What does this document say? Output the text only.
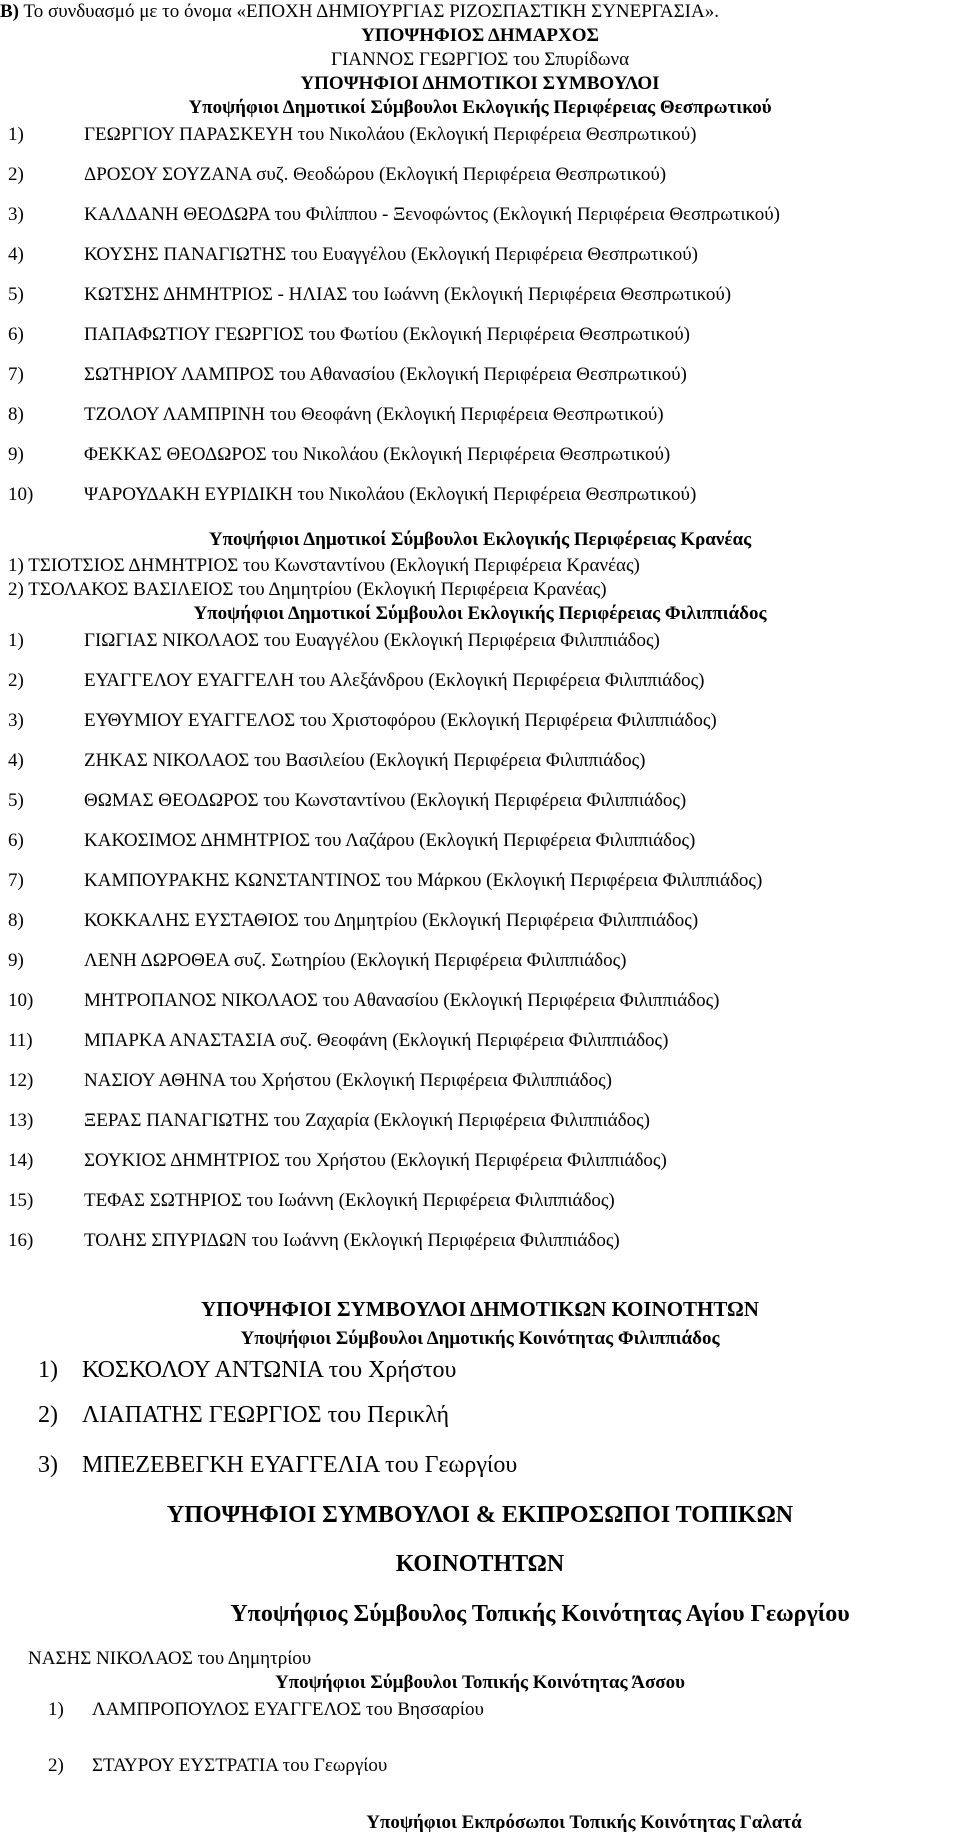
Β) Το συνδυασμό με το όνομα «ΕΠΟΧΗ ΔΗΜΙΟΥΡΓΙΑΣ ΡΙΖΟΣΠΑΣΤΙΚΗ ΣΥΝΕΡΓΑΣΙΑ».
ΥΠΟΨΗΦΙΟΣ ΔΗΜΑΡΧΟΣ
ΓΙΑΝΝΟΣ ΓΕΩΡΓΙΟΣ του Σπυρίδωνα
ΥΠΟΨΗΦΙΟΙ ΔΗΜΟΤΙΚΟΙ ΣΥΜΒΟΥΛΟΙ
Υποψήφιοι Δημοτικοί Σύμβουλοι Εκλογικής Περιφέρειας Θεσπρωτικού
1)	ΓΕΩΡΓΙΟΥ ΠΑΡΑΣΚΕΥΗ του Νικολάου (Εκλογική Περιφέρεια Θεσπρωτικού)
2)	ΔΡΟΣΟΥ ΣΟΥΖΑΝΑ συζ. Θεοδώρου (Εκλογική Περιφέρεια Θεσπρωτικού)
3)	ΚΑΛΔΑΝΗ ΘΕΟΔΩΡΑ του Φιλίππου - Ξενοφώντος (Εκλογική Περιφέρεια Θεσπρωτικού)
4)	ΚΟΥΣΗΣ ΠΑΝΑΓΙΩΤΗΣ του Ευαγγέλου (Εκλογική Περιφέρεια Θεσπρωτικού)
5)	ΚΩΤΣΗΣ ΔΗΜΗΤΡΙΟΣ - ΗΛΙΑΣ του Ιωάννη (Εκλογική Περιφέρεια Θεσπρωτικού)
6)	ΠΑΠΑΦΩΤΙΟΥ ΓΕΩΡΓΙΟΣ του Φωτίου (Εκλογική Περιφέρεια Θεσπρωτικού)
7)	ΣΩΤΗΡΙΟΥ ΛΑΜΠΡΟΣ του Αθανασίου (Εκλογική Περιφέρεια Θεσπρωτικού)
8)	ΤΖΟΛΟΥ ΛΑΜΠΡΙΝΗ του Θεοφάνη (Εκλογική Περιφέρεια Θεσπρωτικού)
9)	ΦΕΚΚΑΣ ΘΕΟΔΩΡΟΣ του Νικολάου (Εκλογική Περιφέρεια Θεσπρωτικού)
10)	ΨΑΡΟΥΔΑΚΗ ΕΥΡΙΔΙΚΗ του Νικολάου (Εκλογική Περιφέρεια Θεσπρωτικού)
Υποψήφιοι Δημοτικοί Σύμβουλοι Εκλογικής Περιφέρειας Κρανέας
1) ΤΣΙΟΤΣΙΟΣ ΔΗΜΗΤΡΙΟΣ του Κωνσταντίνου (Εκλογική Περιφέρεια Κρανέας)
2) ΤΣΟΛΑΚΟΣ ΒΑΣΙΛΕΙΟΣ του Δημητρίου (Εκλογική Περιφέρεια Κρανέας)
Υποψήφιοι Δημοτικοί Σύμβουλοι Εκλογικής Περιφέρειας Φιλιππιάδος
1)	ΓΙΩΓΙΑΣ ΝΙΚΟΛΑΟΣ του Ευαγγέλου (Εκλογική Περιφέρεια Φιλιππιάδος)
2)	ΕΥΑΓΓΕΛΟΥ ΕΥΑΓΓΕΛΗ του Αλεξάνδρου (Εκλογική Περιφέρεια Φιλιππιάδος)
3)	ΕΥΘΥΜΙΟΥ ΕΥΑΓΓΕΛΟΣ του Χριστοφόρου (Εκλογική Περιφέρεια Φιλιππιάδος)
4)	ΖΗΚΑΣ ΝΙΚΟΛΑΟΣ του Βασιλείου (Εκλογική Περιφέρεια Φιλιππιάδος)
5)	ΘΩΜΑΣ ΘΕΟΔΩΡΟΣ του Κωνσταντίνου (Εκλογική Περιφέρεια Φιλιππιάδος)
6)	ΚΑΚΟΣΙΜΟΣ ΔΗΜΗΤΡΙΟΣ του Λαζάρου (Εκλογική Περιφέρεια Φιλιππιάδος)
7)	ΚΑΜΠΟΥΡΑΚΗΣ ΚΩΝΣΤΑΝΤΙΝΟΣ του Μάρκου (Εκλογική Περιφέρεια Φιλιππιάδος)
8)	ΚΟΚΚΑΛΗΣ ΕΥΣΤΑΘΙΟΣ του Δημητρίου (Εκλογική Περιφέρεια Φιλιππιάδος)
9)	ΛΕΝΗ ΔΩΡΟΘΕΑ συζ. Σωτηρίου (Εκλογική Περιφέρεια Φιλιππιάδος)
10)	ΜΗΤΡΟΠΑΝΟΣ ΝΙΚΟΛΑΟΣ του Αθανασίου (Εκλογική Περιφέρεια Φιλιππιάδος)
11)	ΜΠΑΡΚΑ ΑΝΑΣΤΑΣΙΑ συζ. Θεοφάνη (Εκλογική Περιφέρεια Φιλιππιάδος)
12)	ΝΑΣΙΟΥ ΑΘΗΝΑ του Χρήστου (Εκλογική Περιφέρεια Φιλιππιάδος)
13)	ΞΕΡΑΣ ΠΑΝΑΓΙΩΤΗΣ του Ζαχαρία (Εκλογική Περιφέρεια Φιλιππιάδος)
14)	ΣΟΥΚΙΟΣ ΔΗΜΗΤΡΙΟΣ του Χρήστου (Εκλογική Περιφέρεια Φιλιππιάδος)
15)	ΤΕΦΑΣ ΣΩΤΗΡΙΟΣ του Ιωάννη (Εκλογική Περιφέρεια Φιλιππιάδος)
16)	ΤΟΛΗΣ ΣΠΥΡΙΔΩΝ του Ιωάννη (Εκλογική Περιφέρεια Φιλιππιάδος)
ΥΠΟΨΗΦΙΟΙ ΣΥΜΒΟΥΛΟΙ ΔΗΜΟΤΙΚΩΝ ΚΟΙΝΟΤΗΤΩΝ
Υποψήφιοι Σύμβουλοι Δημοτικής Κοινότητας Φιλιππιάδος
1) ΚΟΣΚΟΛΟΥ ΑΝΤΩΝΙΑ του Χρήστου
2) ΛΙΑΠΑΤΗΣ ΓΕΩΡΓΙΟΣ του Περικλή
3) ΜΠΕΖΕΒΕΓΚΗ ΕΥΑΓΓΕΛΙΑ του Γεωργίου
ΥΠΟΨΗΦΙΟΙ ΣΥΜΒΟΥΛΟΙ & ΕΚΠΡΟΣΩΠΟΙ ΤΟΠΙΚΩΝ
ΚΟΙΝΟΤΗΤΩΝ
Υποψήφιος Σύμβουλος Τοπικής Κοινότητας Αγίου Γεωργίου
ΝΑΣΗΣ ΝΙΚΟΛΑΟΣ του Δημητρίου
Υποψήφιοι Σύμβουλοι Τοπικής Κοινότητας Άσσου
1) ΛΑΜΠΡΟΠΟΥΛΟΣ ΕΥΑΓΓΕΛΟΣ του Βησσαρίου
2) ΣΤΑΥΡΟΥ ΕΥΣΤΡΑΤΙΑ του Γεωργίου
Υποψήφιοι Εκπρόσωποι Τοπικής Κοινότητας Γαλατά
